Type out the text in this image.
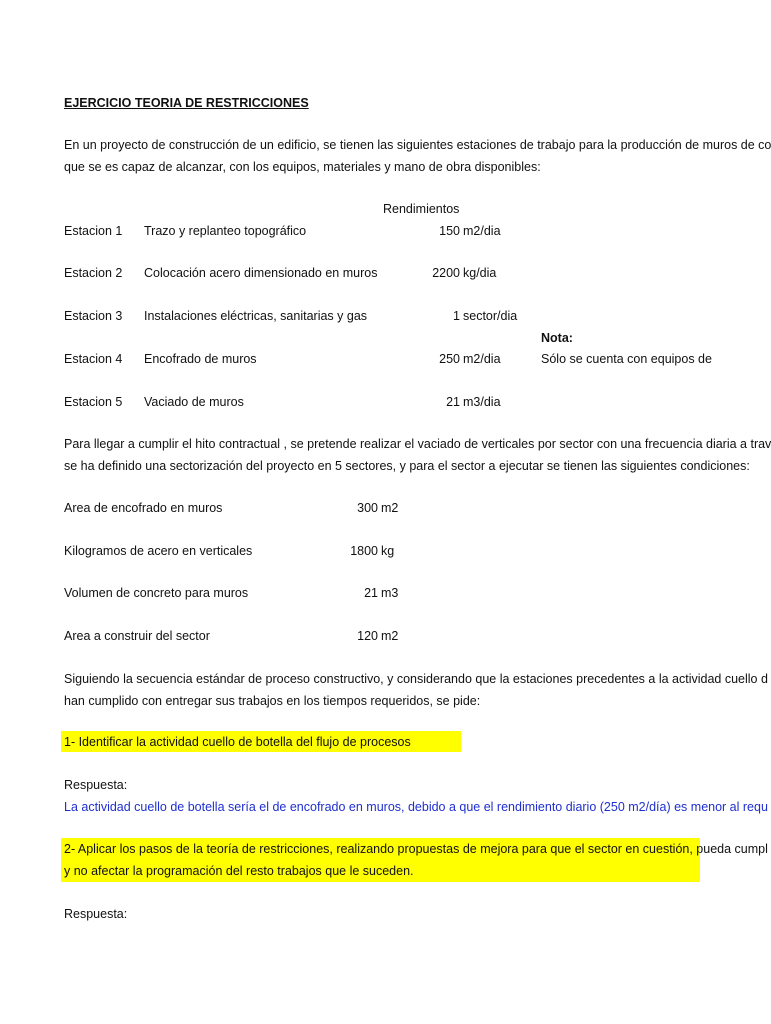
EJERCICIO TEORIA DE RESTRICCIONES
En un proyecto de construcción de un edificio, se tienen las siguientes estaciones de trabajo para la producción de muros de co
que se es capaz de alcanzar, con los equipos, materiales y mano de obra disponibles:
Rendimientos
Estacion 1 Trazo y replanteo topográfico	150 m2/dia
Estacion 2 Colocación acero dimensionado en muros	2200 kg/dia
Estacion 3 Instalaciones eléctricas, sanitarias y gas	1 sector/dia
Nota:
Estacion 4 Encofrado de muros	250 m2/dia	Sólo se cuenta con equipos de
Estacion 5 Vaciado de muros	21 m3/dia
Para llegar a cumplir el hito contractual , se pretende realizar el vaciado de verticales por sector con una frecuencia diaria a trav
se ha definido una sectorización del proyecto en 5 sectores, y para el sector a ejecutar se tienen las siguientes condiciones:
Area de encofrado en muros	300 m2
Kilogramos de acero en verticales	1800 kg
Volumen de concreto para muros	21 m3
Area a construir del sector	120 m2
Siguiendo la secuencia estándar de proceso constructivo, y considerando que la estaciones precedentes a la actividad cuello d
han cumplido con entregar sus trabajos en los tiempos requeridos, se pide:
1- Identificar la actividad cuello de botella del flujo de procesos
Respuesta:
La actividad cuello de botella sería el de encofrado en muros, debido a que el rendimiento diario (250 m2/día) es menor al requ
2- Aplicar los pasos de la teoría de restricciones, realizando propuestas de mejora para que el sector en cuestión, pueda cumpl
y no afectar la programación del resto trabajos que le suceden.
Respuesta:
